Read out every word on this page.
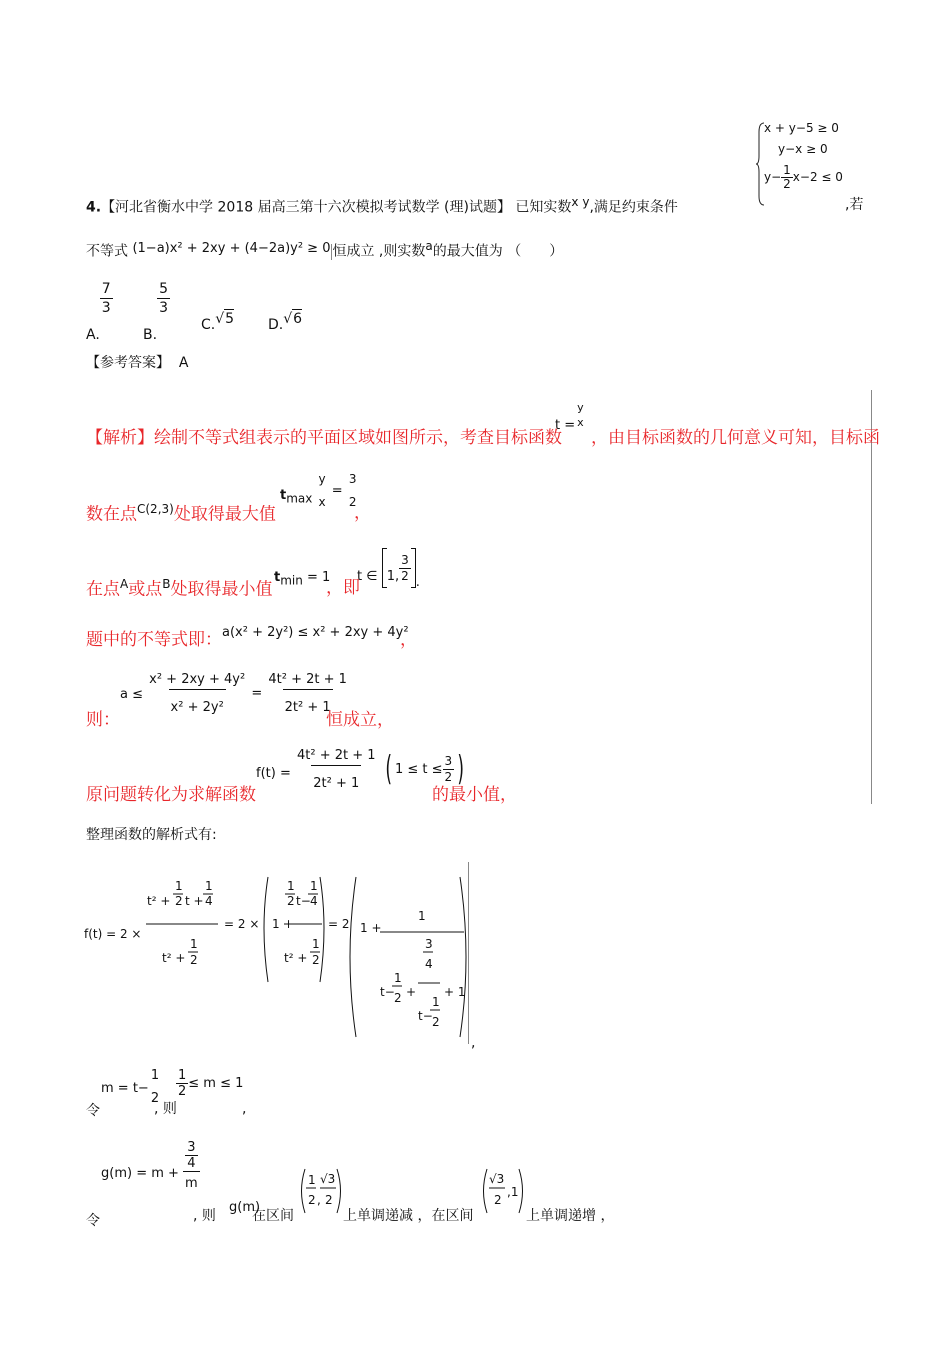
x + y−5 ≥ 0
y−x ≥ 0
$y- \frac{1}{2} x-2 \le 0$
4.【河北省衡水中学 2018 届高三第十六次模拟考试数学 (理)试题】 已知实数$^{x y}$,满足约束条件	,若
不等式 (1−a)x² + 2xy + (4−2a)y² ≥ 0 恒成立 ,则实数$^a$的最大值为 （　　）
A.
$\frac{7}{3}$
B.
$\frac{5}{3}$
C.√5 D.√6
【参考答案】 A
【解析】绘制不等式组表示的平面区域如图所示，考查目标函数
t =
y
x
，由目标函数的几何意义可知，目标函
数在点$^{C(2,3)}$处取得最大值
$t_{max}$
y
x
=
3
2
，
在点$^A$或点$^B$处取得最小值
$t_{min} = 1$
，即
t ∈ 1, $\frac{3}{2}$ .
题中的不等式即： a(x² + 2y²) ≤ x² + 2xy + 4y²
，
$a \le \frac{\text{x² + 2xy + 4y²}}{\text{x² + 2y²}} = \frac{\text{4t² + 2t + 1}}{\text{2t² + 1}}$
则：	恒成立，
$f(t) = \frac{\text{4t² + 2t + 1}}{\text{2t² + 1}}$ ( $1 \le t \le \frac{3}{2}$ )
原问题转化为求解函数	的最小值，
整理函数的解析式有:
f(t) = 2 ×
t² +
1
2 t +
1
4
t² +
1
2
= 2 × 1 +
1
2 t−
1
4
t² +
1
2
= 2 1 +
1
t−
1
2 +
3
4
t−
1
2
+ 1
,
令
m = t−
1
2
, 则
$\frac{1}{2} \le m \le 1$
,
令
g(m) = m +
3
4
m
, 则
g(m)
在区间
1
2 ,
√3
2
上单调递减 ，在区间
√3
2
,1
上单调递增 ，
